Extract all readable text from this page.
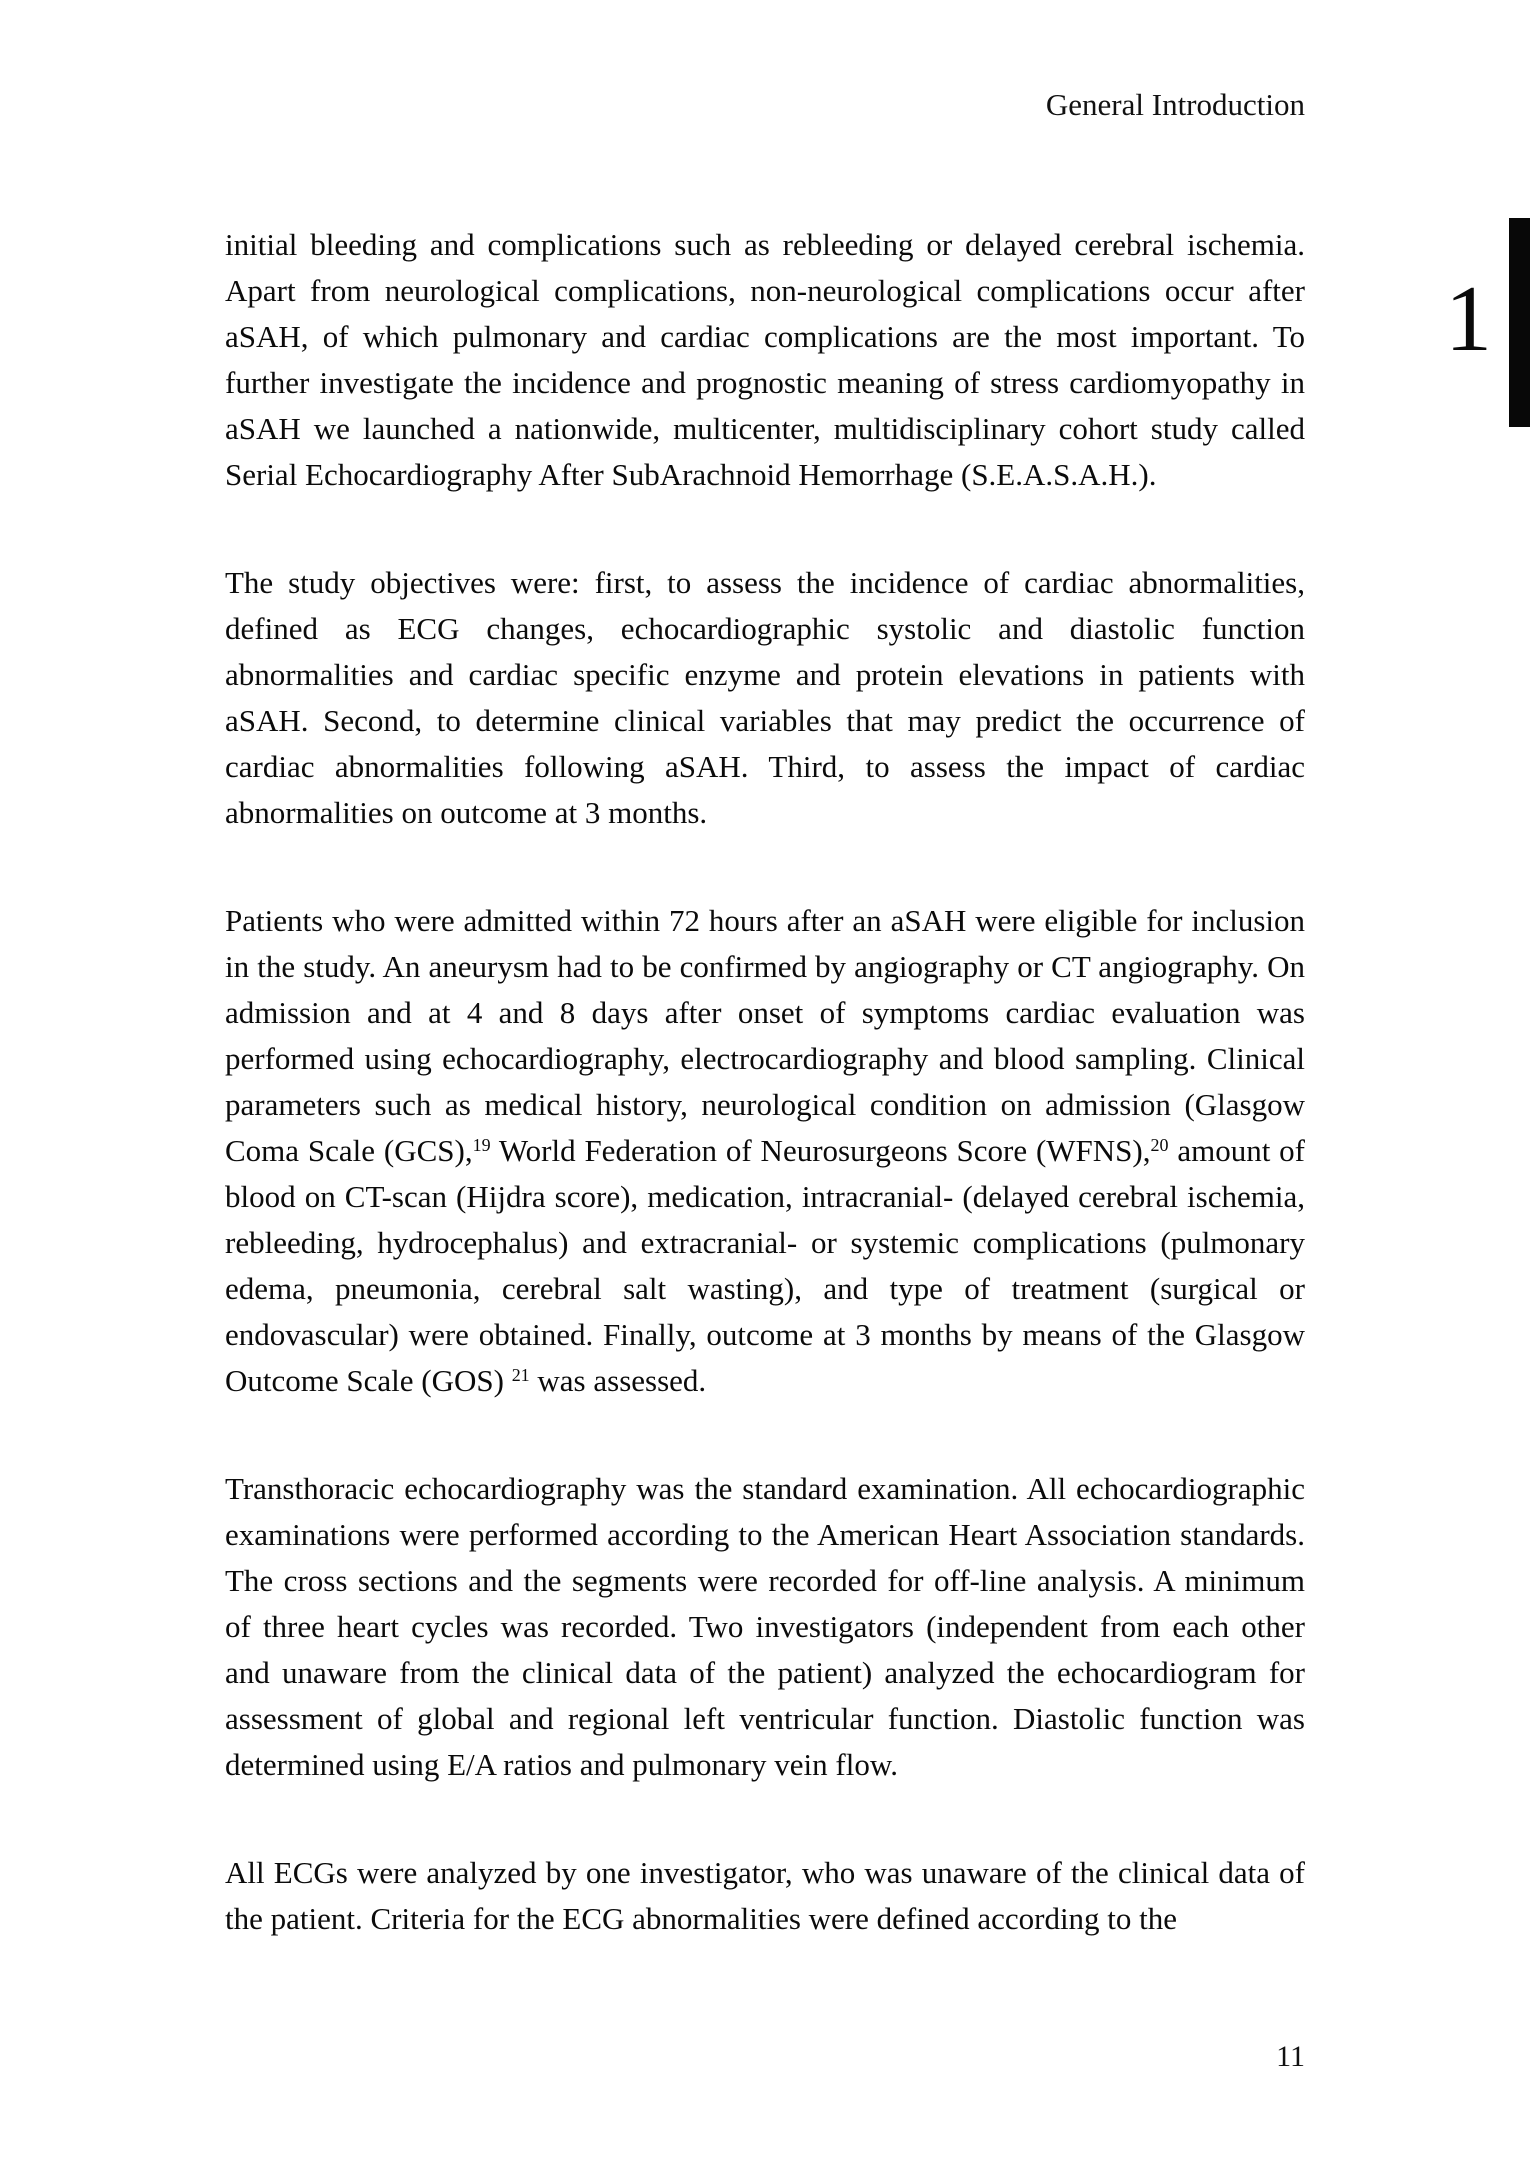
General Introduction
1

initial bleeding and complications such as rebleeding or delayed cerebral ischemia. Apart from neurological complications, non-neurological complications occur after aSAH, of which pulmonary and cardiac complications are the most important. To further investigate the incidence and prognostic meaning of stress cardiomyopathy in aSAH we launched a nationwide, multicenter, multidisciplinary cohort study called Serial Echocardiography After SubArachnoid Hemorrhage (S.E.A.S.A.H.).

The study objectives were: first, to assess the incidence of cardiac abnormalities, defined as ECG changes, echocardiographic systolic and diastolic function abnormalities and cardiac specific enzyme and protein elevations in patients with aSAH. Second, to determine clinical variables that may predict the occurrence of cardiac abnormalities following aSAH. Third, to assess the impact of cardiac abnormalities on outcome at 3 months.

Patients who were admitted within 72 hours after an aSAH were eligible for inclusion in the study. An aneurysm had to be confirmed by angiography or CT angiography. On admission and at 4 and 8 days after onset of symptoms cardiac evaluation was performed using echocardiography, electrocardiography and blood sampling. Clinical parameters such as medical history, neurological condition on admission (Glasgow Coma Scale (GCS),$^{19}$ World Federation of Neurosurgeons Score (WFNS),$^{20}$ amount of blood on CT-scan (Hijdra score), medication, intracranial- (delayed cerebral ischemia, rebleeding, hydrocephalus) and extracranial- or systemic complications (pulmonary edema, pneumonia, cerebral salt wasting), and type of treatment (surgical or endovascular) were obtained. Finally, outcome at 3 months by means of the Glasgow Outcome Scale (GOS) $^{21}$ was assessed.

Transthoracic echocardiography was the standard examination. All echocardiographic examinations were performed according to the American Heart Association standards. The cross sections and the segments were recorded for off-line analysis. A minimum of three heart cycles was recorded. Two investigators (independent from each other and unaware from the clinical data of the patient) analyzed the echocardiogram for assessment of global and regional left ventricular function. Diastolic function was determined using E/A ratios and pulmonary vein flow.

All ECGs were analyzed by one investigator, who was unaware of the clinical data of the patient. Criteria for the ECG abnormalities were defined according to the

11
